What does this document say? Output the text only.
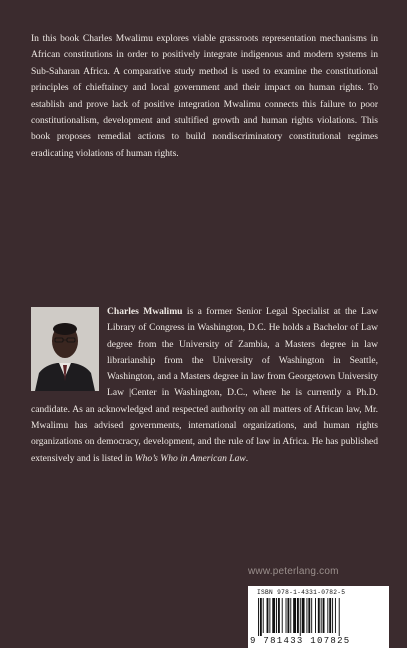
In this book Charles Mwalimu explores viable grassroots representation mechanisms in African constitutions in order to positively integrate indigenous and modern systems in Sub-Saharan Africa. A comparative study method is used to examine the constitutional principles of chieftaincy and local government and their impact on human rights. To establish and prove lack of positive integration Mwalimu connects this failure to poor constitutionalism, development and stultified growth and human rights violations. This book proposes remedial actions to build nondiscriminatory constitutional regimes eradicating violations of human rights.

Charles Mwalimu is a former Senior Legal Specialist at the Law Library of Congress in Washington, D.C. He holds a Bachelor of Law degree from the University of Zambia, a Masters degree in law librarianship from the University of Washington in Seattle, Washington, and a Masters degree in law from Georgetown University Law |Center in Washington, D.C., where he is currently a Ph.D. candidate. As an acknowledged and respected authority on all matters of African law, Mr. Mwalimu has advised governments, international organizations, and human rights organizations on democracy, development, and the rule of law in Africa. He has published extensively and is listed in Who’s Who in American Law.
www.peterlang.com
ISBN 978-1-4331-0782-5
9 781433 107825
